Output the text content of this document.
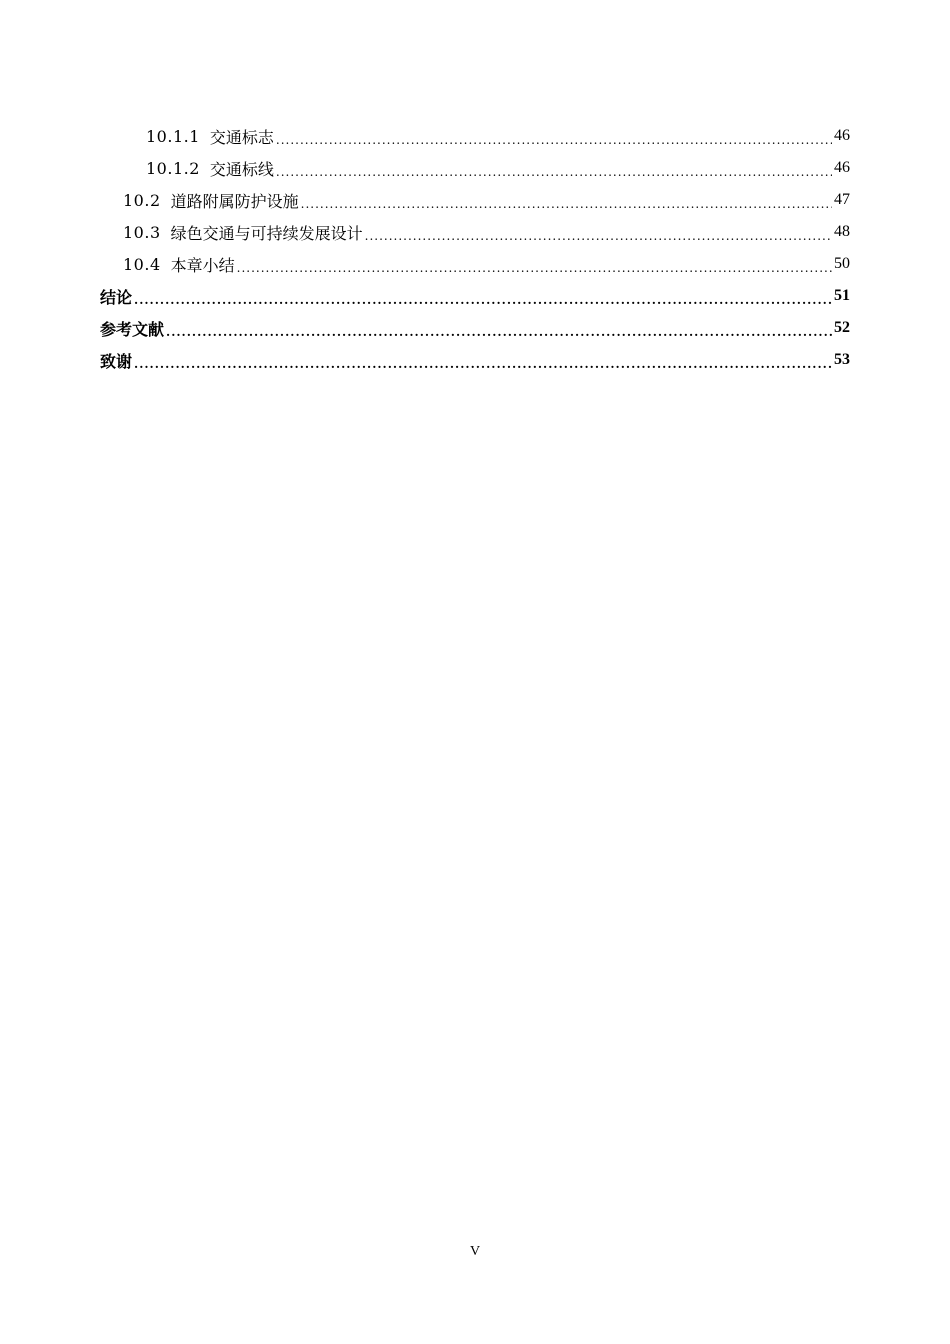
10.1.1 交通标志 .....	46
10.1.2 交通标线 .....	46
10.2 道路附属防护设施 .....	47
10.3 绿色交通与可持续发展设计 .....	48
10.4 本章小结 .....	50
结论 .....	51
参考文献 .....	52
致谢 .....	53
V
